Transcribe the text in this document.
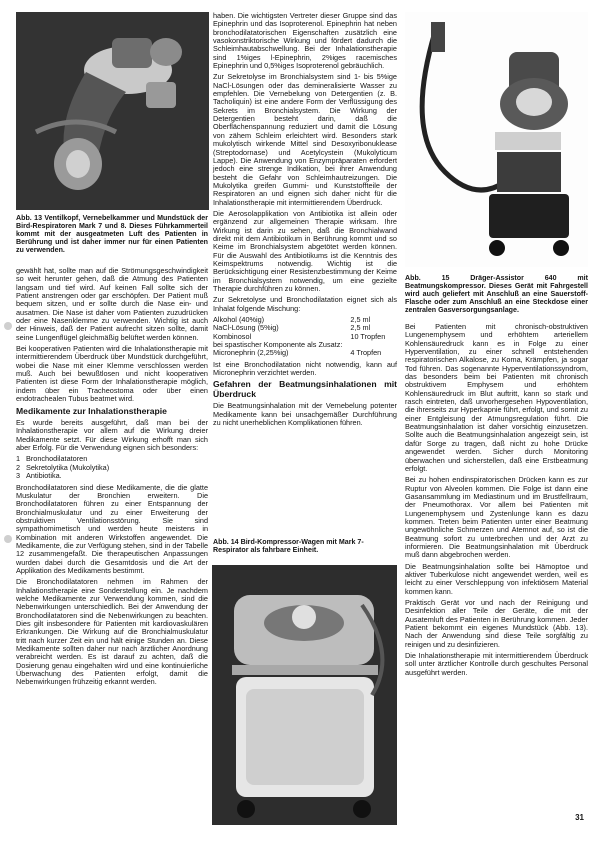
Abb. 13 Ventilkopf, Vernebelkammer und Mundstück der Bird-Respiratoren Mark 7 und 8. Dieses Führkammerteil kommt mit der ausgeatmeten Luft des Patienten in Berührung und ist daher immer nur für einen Patienten zu verwenden.

gewählt hat, sollte man auf die Strömungsgeschwindigkeit so weit herunter gehen, daß die Atmung des Patienten langsam und tief wird. Auf keinen Fall sollte sich der Patient anstrengen oder gar erschöpfen. Der Patient muß bequem sitzen, und er sollte durch die Nase ein- und ausatmen. Die Nase ist daher vom Patienten zuzudrücken oder eine Nasenklemme zu verwenden. Wichtig ist auch der Hinweis, daß der Patient aufrecht sitzen sollte, damit seine Lungenflügel gleichmäßig belüftet werden können.

Bei kooperativen Patienten wird die Inhalationstherapie mit intermittierendem Überdruck über Mundstück durchgeführt, wobei die Nase mit einer Klemme verschlossen werden muß. Auch bei bewußtlosen und nicht kooperativen Patienten ist diese Form der Inhalationstherapie möglich, indem über ein Tracheostoma oder über einen endotrachealen Tubus beatmet wird.

Medikamente zur Inhalationstherapie

Es wurde bereits ausgeführt, daß man bei der Inhalationstherapie vor allem auf die Wirkung dreier Medikamente setzt. Für diese Wirkung erhofft man sich aber Erfolg. Für die Verwendung eignen sich besonders:

1 Bronchodilatatoren
2 Sekretolytika (Mukolytika)
3 Antibiotika.

Bronchodilatatoren sind diese Medikamente, die die glatte Muskulatur der Bronchien erweitern. Die Bronchodilatatoren führen zu einer Entspannung der Bronchialmuskulatur und zu einer Erweiterung der obstruktiven Ventilationsstörung. Sie sind sympathomimetisch und werden heute meistens in Kombination mit anderen Wirkstoffen angewendet. Die Medikamente, die zur Verfügung stehen, sind in der Tabelle 12 zusammengefaßt. Die therapeutischen Anpassungen wurden dabei durch die Gesamtdosis und die Art der Applikation des Medikaments bestimmt.

Die Bronchodilatatoren nehmen im Rahmen der Inhalationstherapie eine Sonderstellung ein. Je nachdem welche Medikamente zur Verwendung kommen, sind die Nebenwirkungen unterschiedlich. Bei der Anwendung der Bronchodilatatoren sind die Nebenwirkungen zu beachten. Dies gilt insbesondere für Patienten mit kardiovaskulären Erkrankungen. Die Wirkung auf die Bronchialmuskulatur tritt nach kurzer Zeit ein und hält einige Stunden an. Diese Medikamente sollten daher nur nach ärztlicher Anordnung verabreicht werden. Es ist darauf zu achten, daß die Dosierung genau eingehalten wird und eine kontinuierliche Überwachung des Patienten erfolgt, damit die Nebenwirkungen frühzeitig erkannt werden.

haben. Die wichtigsten Vertreter dieser Gruppe sind das Epinephrin und das Isoproterenol. Epinephrin hat neben bronchodilatatorischen Eigenschaften zusätzlich eine vasokonstriktorische Wirkung und fördert dadurch die Schleimhautabschwellung. Bei der Inhalationstherapie sind 1%iges l-Epinephrin, 2%iges racemisches Epinephrin und 0,5%iges Isoproterenol gebräuchlich.

Zur Sekretolyse im Bronchialsystem sind 1- bis 5%ige NaCl-Lösungen oder das demineralisierte Wasser zu empfehlen. Die Vernebelung von Detergentien (z. B. Tacholiquin) ist eine andere Form der Verflüssigung des Sekrets im Bronchialsystem. Die Wirkung der Detergentien besteht darin, daß die Oberflächenspannung reduziert und damit die Lösung von zähem Schleim erleichtert wird. Besonders stark mukolytisch wirkende Mittel sind Desoxyribonuklease (Streptodornase) und Acetylcystein (Mukolyticum Lappe). Die Anwendung von Enzympräparaten erfordert jedoch eine strenge Indikation, bei ihrer Anwendung besteht die Gefahr von Schleimhautreizungen. Die Mukolytika greifen Gummi- und Kunststoffteile der Respiratoren an und eignen sich daher nicht für die Inhalationstherapie mit intermittierendem Überdruck.

Die Aerosolapplikation von Antibiotika ist allein oder ergänzend zur allgemeinen Therapie wirksam. Ihre Wirkung ist darin zu sehen, daß die Bronchialwand direkt mit dem Antibiotikum in Berührung kommt und so Keime im Bronchialsystem abgetötet werden können. Für die Auswahl des Antibiotikums ist die Kenntnis des Keimspektrums notwendig. Wichtig ist die Berücksichtigung einer Resistenzbestimmung der Keime im Bronchialsystem notwendig, um eine gezielte Therapie durchführen zu können.

Zur Sekretolyse und Bronchodilatation eignet sich als Inhalat folgende Mischung:

Alkohol (40%ig)	2,5 ml
NaCl-Lösung (5%ig)	2,5 ml
Kombinosol	10 Tropfen
bei spastischer Komponente als Zusatz:	
Micronephrin (2,25%ig)	4 Tropfen

Ist eine Bronchodilatation nicht notwendig, kann auf Micronephrin verzichtet werden.

Gefahren der Beatmungsinhalationen mit Überdruck

Die Beatmungsinhalation mit der Vernebelung potenter Medikamente kann bei unsachgemäßer Durchführung zu nicht unerheblichen Komplikationen führen.

Abb. 14 Bird-Kompressor-Wagen mit Mark 7-Respirator als fahrbare Einheit.

Abb. 15 Dräger-Assistor 640 mit Beatmungskompressor. Dieses Gerät mit Fahrgestell wird auch geliefert mit Anschluß an eine Sauerstoff-Flasche oder zum Anschluß an eine Steckdose einer zentralen Gasversorgungsanlage.

Bei Patienten mit chronisch-obstruktiven Lungenemphysem und erhöhtem arteriellem Kohlensäuredruck kann es in Folge zu einer Hyperventilation, zu einer schnell entstehenden respiratorischen Alkalose, zu Koma, Krämpfen, ja sogar Tod führen. Das sogenannte Hyperventilationssyndrom, das besonders beim bei Patienten mit chronisch obstruktivem Emphysem und erhöhtem Kohlensäuredruck im Blut auftritt, kann so stark und rasch eintreten, daß unvorhergesehen Hypoventilation, die ihrerseits zur Hyperkapnie führt, erfolgt, und somit zu einer Entgleisung der Atmungsregulation führt. Die Beatmungsinhalation ist daher vorsichtig einzusetzen. Sollte auch die Beatmungsinhalation angezeigt sein, ist dafür Sorge zu tragen, daß nicht zu hohe Drücke angewendet werden. Sicher durch Monitoring überwachen und sicherstellen, daß eine Erstbeatmung erfolgt.

Bei zu hohen endinspiratorischen Drücken kann es zur Ruptur von Alveolen kommen. Die Folge ist dann eine Gasansammlung im Mediastinum und im Brustfellraum, der Pneumothorax. Vor allem bei Patienten mit Lungenemphysem und Zystenlunge kann es dazu kommen. Treten beim Patienten unter einer Beatmung ungewöhnliche Schmerzen und Atemnot auf, so ist die Beatmung sofort zu unterbrechen und der Arzt zu informieren. Die Beatmungsinhalation mit Überdruck muß dann abgebrochen werden.

Die Beatmungsinhalation sollte bei Hämoptoe und aktiver Tuberkulose nicht angewendet werden, weil es leicht zu einer Verschleppung von infektiösem Material kommen kann.

Praktisch Gerät vor und nach der Reinigung und Desinfektion aller Teile der Geräte, die mit der Ausatemluft des Patienten in Berührung kommen. Jeder Patient bekommt ein eigenes Mundstück (Abb. 13). Nach der Anwendung sind diese Teile sorgfältig zu reinigen und zu desinfizieren.

Die Inhalationstherapie mit intermittierendem Überdruck soll unter ärztlicher Kontrolle durch geschultes Personal ausgeführt werden.

31
